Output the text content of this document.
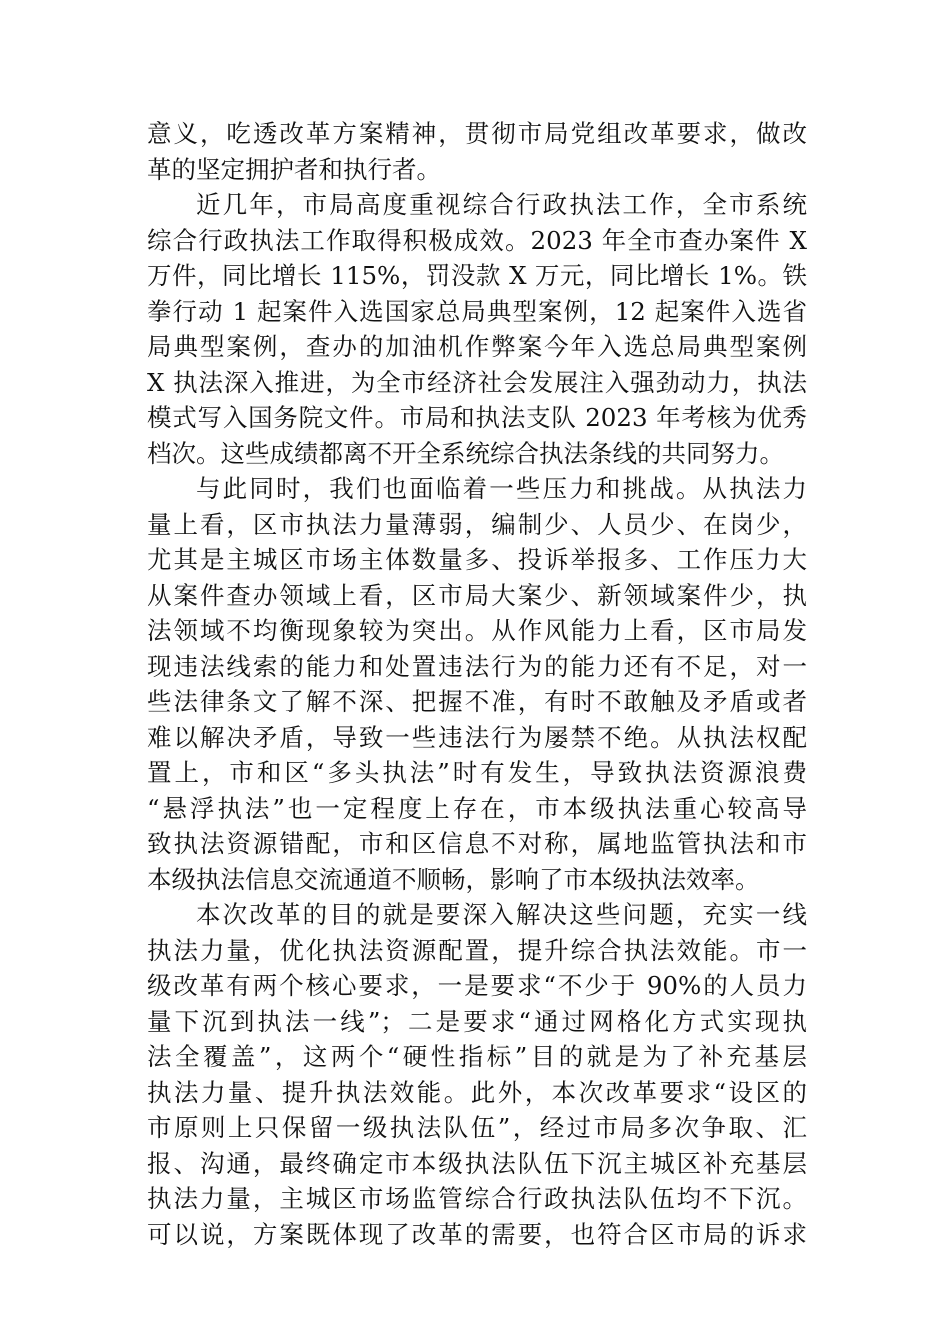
意义，吃透改革方案精神，贯彻市局党组改革要求，做改
革的坚定拥护者和执行者。
近几年，市局高度重视综合行政执法工作，全市系统
综合行政执法工作取得积极成效。2023 年全市查办案件 X
万件，同比增长 115%，罚没款 X 万元，同比增长 1%。铁
拳行动 1 起案件入选国家总局典型案例，12 起案件入选省
局典型案例，查办的加油机作弊案今年入选总局典型案例
X 执法深入推进，为全市经济社会发展注入强劲动力，执法
模式写入国务院文件。市局和执法支队 2023 年考核为优秀
档次。这些成绩都离不开全系统综合执法条线的共同努力。
与此同时，我们也面临着一些压力和挑战。从执法力
量上看，区市执法力量薄弱，编制少、人员少、在岗少，
尤其是主城区市场主体数量多、投诉举报多、工作压力大
从案件查办领域上看，区市局大案少、新领域案件少，执
法领域不均衡现象较为突出。从作风能力上看，区市局发
现违法线索的能力和处置违法行为的能力还有不足，对一
些法律条文了解不深、把握不准，有时不敢触及矛盾或者
难以解决矛盾，导致一些违法行为屡禁不绝。从执法权配
置上，市和区“多头执法”时有发生，导致执法资源浪费
“悬浮执法”也一定程度上存在，市本级执法重心较高导
致执法资源错配，市和区信息不对称，属地监管执法和市
本级执法信息交流通道不顺畅，影响了市本级执法效率。
本次改革的目的就是要深入解决这些问题，充实一线
执法力量，优化执法资源配置，提升综合执法效能。市一
级改革有两个核心要求，一是要求“不少于 90%的人员力
量下沉到执法一线”；二是要求“通过网格化方式实现执
法全覆盖”，这两个“硬性指标”目的就是为了补充基层
执法力量、提升执法效能。此外，本次改革要求“设区的
市原则上只保留一级执法队伍”，经过市局多次争取、汇
报、沟通，最终确定市本级执法队伍下沉主城区补充基层
执法力量，主城区市场监管综合行政执法队伍均不下沉。
可以说，方案既体现了改革的需要，也符合区市局的诉求
